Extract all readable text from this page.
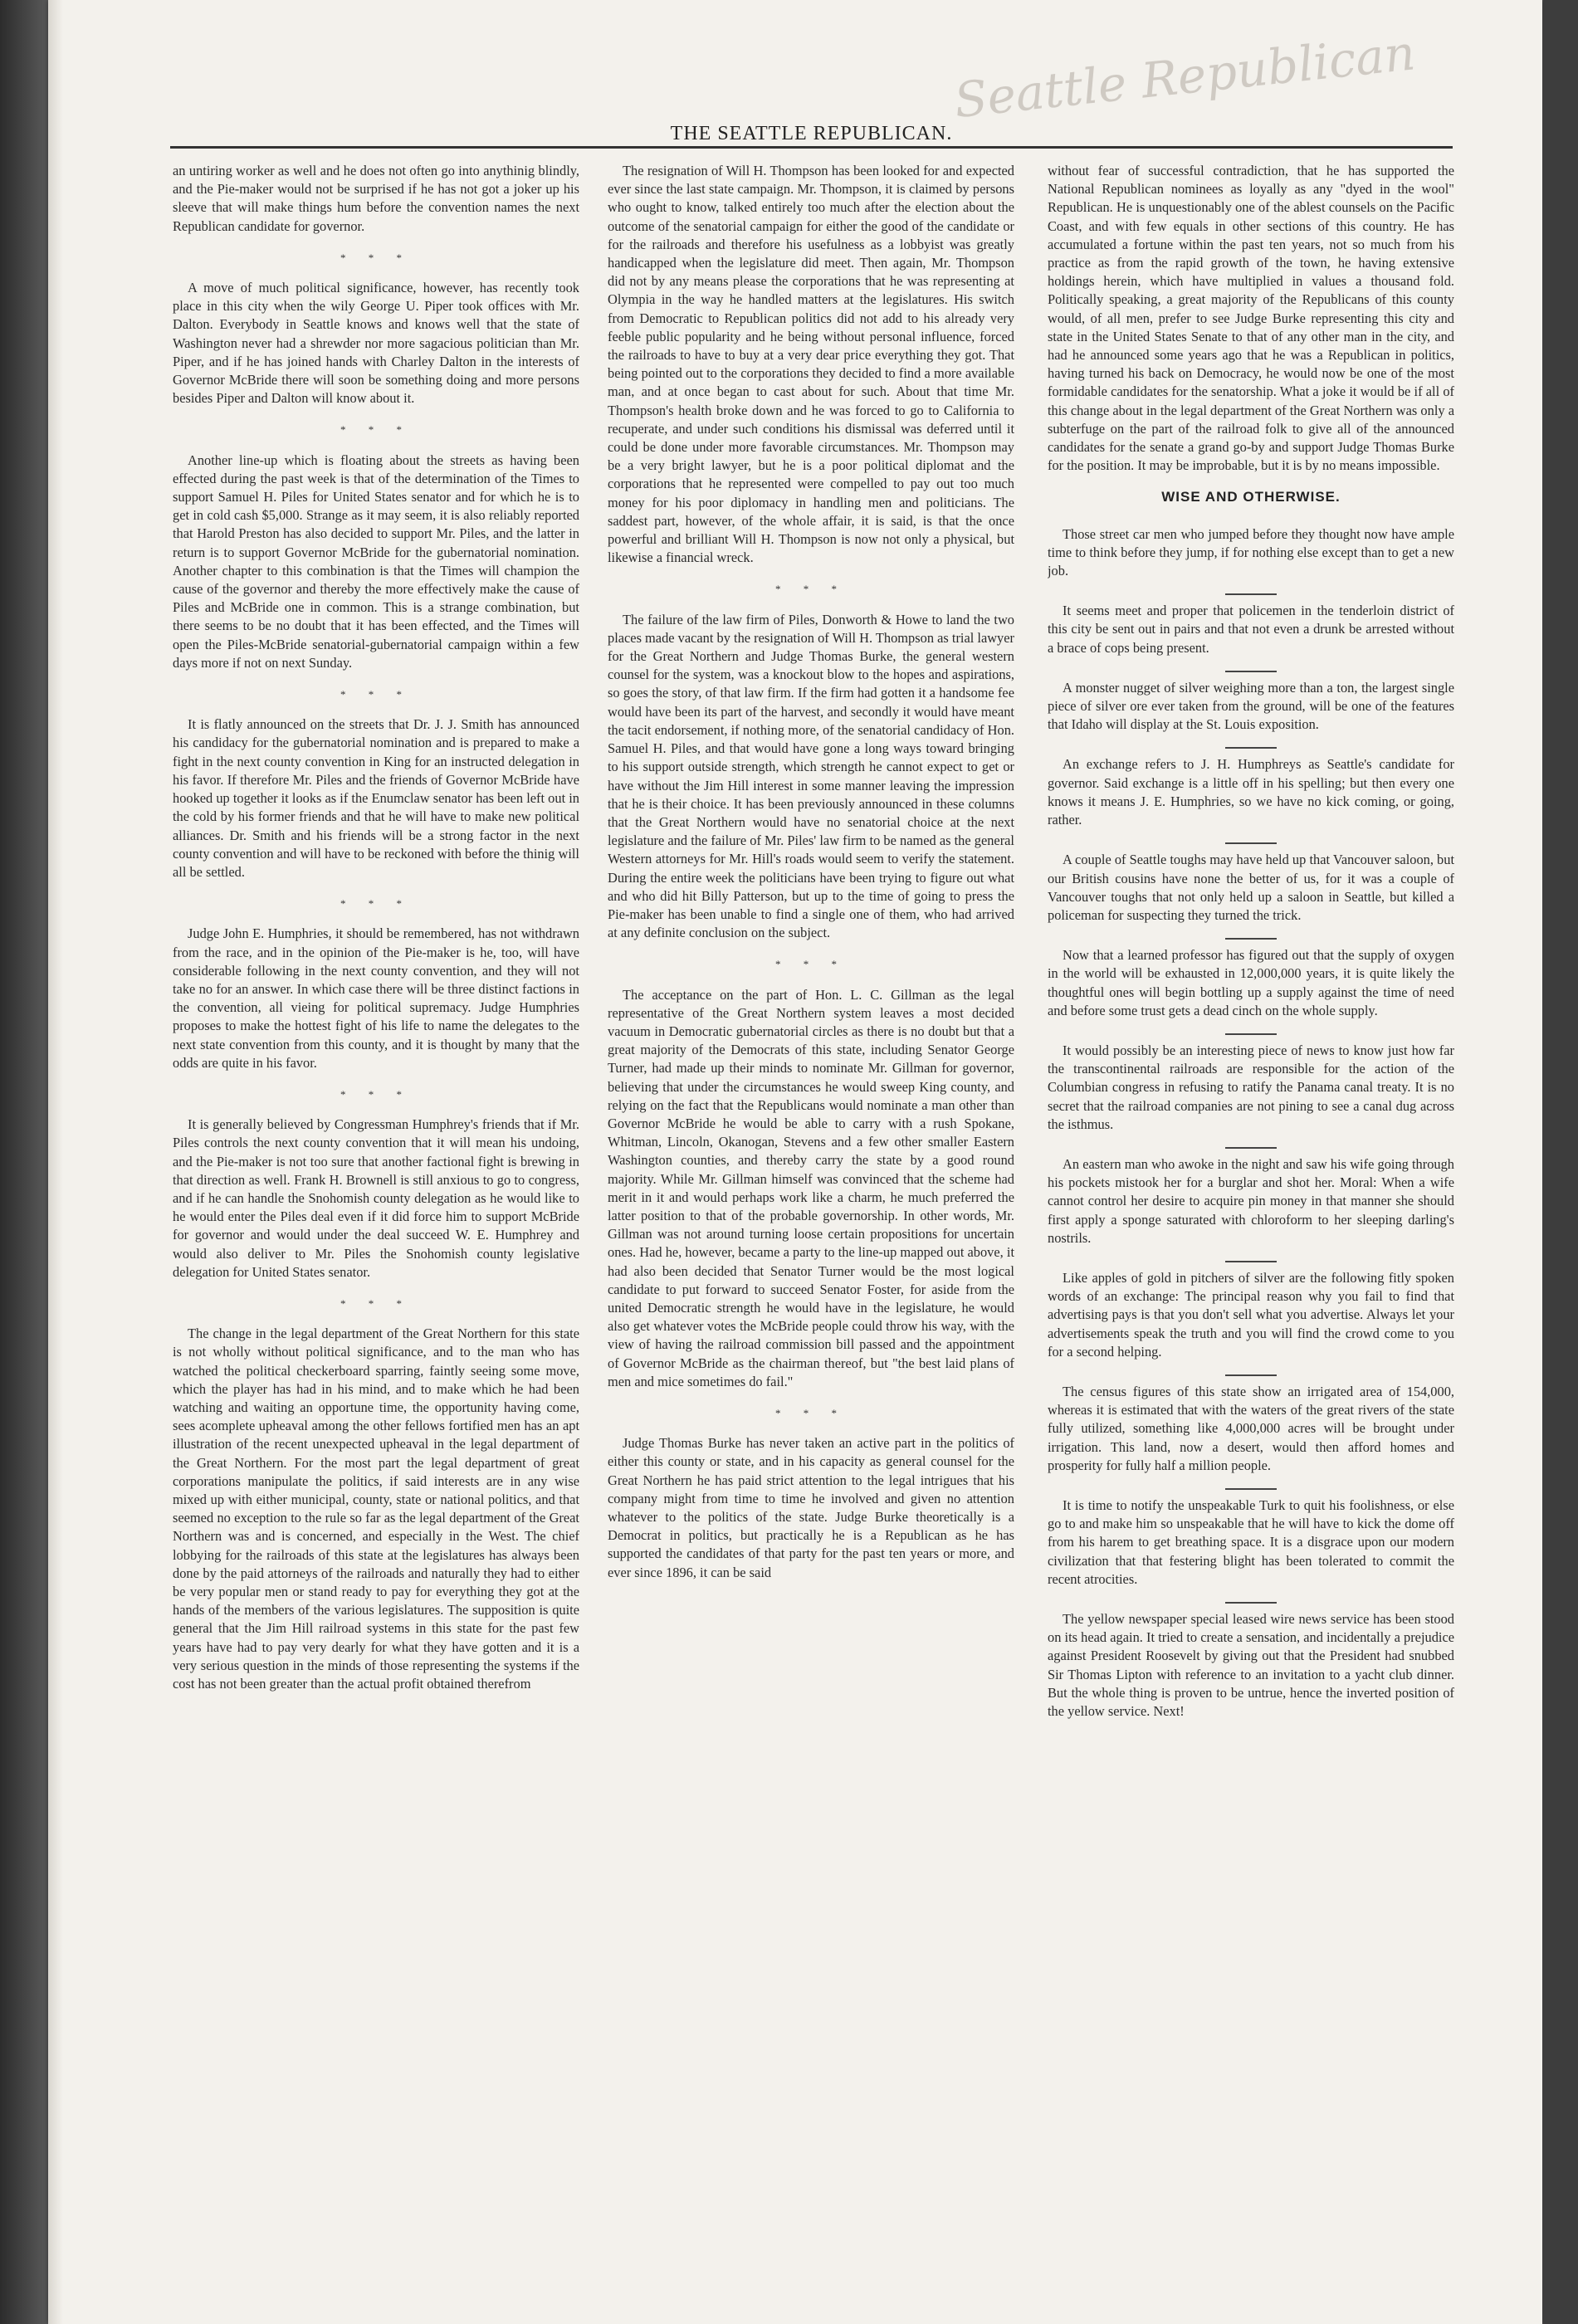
Seattle Republican
THE SEATTLE REPUBLICAN.

an untiring worker as well and he does not often go into anythinig blindly, and the Pie-maker would not be surprised if he has not got a joker up his sleeve that will make things hum before the convention names the next Republican candidate for governor.

* * *

A move of much political significance, however, has recently took place in this city when the wily George U. Piper took offices with Mr. Dalton. Everybody in Seattle knows and knows well that the state of Washington never had a shrewder nor more sagacious politician than Mr. Piper, and if he has joined hands with Charley Dalton in the interests of Governor McBride there will soon be something doing and more persons besides Piper and Dalton will know about it.

* * *

Another line-up which is floating about the streets as having been effected during the past week is that of the determination of the Times to support Samuel H. Piles for United States senator and for which he is to get in cold cash $5,000. Strange as it may seem, it is also reliably reported that Harold Preston has also decided to support Mr. Piles, and the latter in return is to support Governor McBride for the gubernatorial nomination. Another chapter to this combination is that the Times will champion the cause of the governor and thereby the more effectively make the cause of Piles and McBride one in common. This is a strange combination, but there seems to be no doubt that it has been effected, and the Times will open the Piles-McBride senatorial-gubernatorial campaign within a few days more if not on next Sunday.

* * *

It is flatly announced on the streets that Dr. J. J. Smith has announced his candidacy for the gubernatorial nomination and is prepared to make a fight in the next county convention in King for an instructed delegation in his favor. If therefore Mr. Piles and the friends of Governor McBride have hooked up together it looks as if the Enumclaw senator has been left out in the cold by his former friends and that he will have to make new political alliances. Dr. Smith and his friends will be a strong factor in the next county convention and will have to be reckoned with before the thinig will all be settled.

* * *

Judge John E. Humphries, it should be remembered, has not withdrawn from the race, and in the opinion of the Pie-maker is he, too, will have considerable following in the next county convention, and they will not take no for an answer. In which case there will be three distinct factions in the convention, all vieing for political supremacy. Judge Humphries proposes to make the hottest fight of his life to name the delegates to the next state convention from this county, and it is thought by many that the odds are quite in his favor.

* * *

It is generally believed by Congressman Humphrey's friends that if Mr. Piles controls the next county convention that it will mean his undoing, and the Pie-maker is not too sure that another factional fight is brewing in that direction as well. Frank H. Brownell is still anxious to go to congress, and if he can handle the Snohomish county delegation as he would like to he would enter the Piles deal even if it did force him to support McBride for governor and would under the deal succeed W. E. Humphrey and would also deliver to Mr. Piles the Snohomish county legislative delegation for United States senator.

* * *

The change in the legal department of the Great Northern for this state is not wholly without political significance, and to the man who has watched the political checkerboard sparring, faintly seeing some move, which the player has had in his mind, and to make which he had been watching and waiting an opportune time, the opportunity having come, sees acomplete upheaval among the other fellows fortified men has an apt illustration of the recent unexpected upheaval in the legal department of the Great Northern. For the most part the legal department of great corporations manipulate the politics, if said interests are in any wise mixed up with either municipal, county, state or national politics, and that seemed no exception to the rule so far as the legal department of the Great Northern was and is concerned, and especially in the West. The chief lobbying for the railroads of this state at the legislatures has always been done by the paid attorneys of the railroads and naturally they had to either be very popular men or stand ready to pay for everything they got at the hands of the members of the various legislatures. The supposition is quite general that the Jim Hill railroad systems in this state for the past few years have had to pay very dearly for what they have gotten and it is a very serious question in the minds of those representing the systems if the cost has not been greater than the actual profit obtained therefrom

The resignation of Will H. Thompson has been looked for and expected ever since the last state campaign. Mr. Thompson, it is claimed by persons who ought to know, talked entirely too much after the election about the outcome of the senatorial campaign for either the good of the candidate or for the railroads and therefore his usefulness as a lobbyist was greatly handicapped when the legislature did meet. Then again, Mr. Thompson did not by any means please the corporations that he was representing at Olympia in the way he handled matters at the legislatures. His switch from Democratic to Republican politics did not add to his already very feeble public popularity and he being without personal influence, forced the railroads to have to buy at a very dear price everything they got. That being pointed out to the corporations they decided to find a more available man, and at once began to cast about for such. About that time Mr. Thompson's health broke down and he was forced to go to California to recuperate, and under such conditions his dismissal was deferred until it could be done under more favorable circumstances. Mr. Thompson may be a very bright lawyer, but he is a poor political diplomat and the corporations that he represented were compelled to pay out too much money for his poor diplomacy in handling men and politicians. The saddest part, however, of the whole affair, it is said, is that the once powerful and brilliant Will H. Thompson is now not only a physical, but likewise a financial wreck.

* * *

The failure of the law firm of Piles, Donworth & Howe to land the two places made vacant by the resignation of Will H. Thompson as trial lawyer for the Great Northern and Judge Thomas Burke, the general western counsel for the system, was a knockout blow to the hopes and aspirations, so goes the story, of that law firm. If the firm had gotten it a handsome fee would have been its part of the harvest, and secondly it would have meant the tacit endorsement, if nothing more, of the senatorial candidacy of Hon. Samuel H. Piles, and that would have gone a long ways toward bringing to his support outside strength, which strength he cannot expect to get or have without the Jim Hill interest in some manner leaving the impression that he is their choice. It has been previously announced in these columns that the Great Northern would have no senatorial choice at the next legislature and the failure of Mr. Piles' law firm to be named as the general Western attorneys for Mr. Hill's roads would seem to verify the statement. During the entire week the politicians have been trying to figure out what and who did hit Billy Patterson, but up to the time of going to press the Pie-maker has been unable to find a single one of them, who had arrived at any definite conclusion on the subject.

* * *

The acceptance on the part of Hon. L. C. Gillman as the legal representative of the Great Northern system leaves a most decided vacuum in Democratic gubernatorial circles as there is no doubt but that a great majority of the Democrats of this state, including Senator George Turner, had made up their minds to nominate Mr. Gillman for governor, believing that under the circumstances he would sweep King county, and relying on the fact that the Republicans would nominate a man other than Governor McBride he would be able to carry with a rush Spokane, Whitman, Lincoln, Okanogan, Stevens and a few other smaller Eastern Washington counties, and thereby carry the state by a good round majority. While Mr. Gillman himself was convinced that the scheme had merit in it and would perhaps work like a charm, he much preferred the latter position to that of the probable governorship. In other words, Mr. Gillman was not around turning loose certain propositions for uncertain ones. Had he, however, became a party to the line-up mapped out above, it had also been decided that Senator Turner would be the most logical candidate to put forward to succeed Senator Foster, for aside from the united Democratic strength he would have in the legislature, he would also get whatever votes the McBride people could throw his way, with the view of having the railroad commission bill passed and the appointment of Governor McBride as the chairman thereof, but "the best laid plans of men and mice sometimes do fail."

* * *

Judge Thomas Burke has never taken an active part in the politics of either this county or state, and in his capacity as general counsel for the Great Northern he has paid strict attention to the legal intrigues that his company might from time to time he involved and given no attention whatever to the politics of the state. Judge Burke theoretically is a Democrat in politics, but practically he is a Republican as he has supported the candidates of that party for the past ten years or more, and ever since 1896, it can be said

without fear of successful contradiction, that he has supported the National Republican nominees as loyally as any "dyed in the wool" Republican. He is unquestionably one of the ablest counsels on the Pacific Coast, and with few equals in other sections of this country. He has accumulated a fortune within the past ten years, not so much from his practice as from the rapid growth of the town, he having extensive holdings herein, which have multiplied in values a thousand fold. Politically speaking, a great majority of the Republicans of this county would, of all men, prefer to see Judge Burke representing this city and state in the United States Senate to that of any other man in the city, and had he announced some years ago that he was a Republican in politics, having turned his back on Democracy, he would now be one of the most formidable candidates for the senatorship. What a joke it would be if all of this change about in the legal department of the Great Northern was only a subterfuge on the part of the railroad folk to give all of the announced candidates for the senate a grand go-by and support Judge Thomas Burke for the position. It may be improbable, but it is by no means impossible.

WISE AND OTHERWISE.

Those street car men who jumped before they thought now have ample time to think before they jump, if for nothing else except than to get a new job.

It seems meet and proper that policemen in the tenderloin district of this city be sent out in pairs and that not even a drunk be arrested without a brace of cops being present.

A monster nugget of silver weighing more than a ton, the largest single piece of silver ore ever taken from the ground, will be one of the features that Idaho will display at the St. Louis exposition.

An exchange refers to J. H. Humphreys as Seattle's candidate for governor. Said exchange is a little off in his spelling; but then every one knows it means J. E. Humphries, so we have no kick coming, or going, rather.

A couple of Seattle toughs may have held up that Vancouver saloon, but our British cousins have none the better of us, for it was a couple of Vancouver toughs that not only held up a saloon in Seattle, but killed a policeman for suspecting they turned the trick.

Now that a learned professor has figured out that the supply of oxygen in the world will be exhausted in 12,000,000 years, it is quite likely the thoughtful ones will begin bottling up a supply against the time of need and before some trust gets a dead cinch on the whole supply.

It would possibly be an interesting piece of news to know just how far the transcontinental railroads are responsible for the action of the Columbian congress in refusing to ratify the Panama canal treaty. It is no secret that the railroad companies are not pining to see a canal dug across the isthmus.

An eastern man who awoke in the night and saw his wife going through his pockets mistook her for a burglar and shot her. Moral: When a wife cannot control her desire to acquire pin money in that manner she should first apply a sponge saturated with chloroform to her sleeping darling's nostrils.

Like apples of gold in pitchers of silver are the following fitly spoken words of an exchange: The principal reason why you fail to find that advertising pays is that you don't sell what you advertise. Always let your advertisements speak the truth and you will find the crowd come to you for a second helping.

The census figures of this state show an irrigated area of 154,000, whereas it is estimated that with the waters of the great rivers of the state fully utilized, something like 4,000,000 acres will be brought under irrigation. This land, now a desert, would then afford homes and prosperity for fully half a million people.

It is time to notify the unspeakable Turk to quit his foolishness, or else go to and make him so unspeakable that he will have to kick the dome off from his harem to get breathing space. It is a disgrace upon our modern civilization that that festering blight has been tolerated to commit the recent atrocities.

The yellow newspaper special leased wire news service has been stood on its head again. It tried to create a sensation, and incidentally a prejudice against President Roosevelt by giving out that the President had snubbed Sir Thomas Lipton with reference to an invitation to a yacht club dinner. But the whole thing is proven to be untrue, hence the inverted position of the yellow service. Next!
